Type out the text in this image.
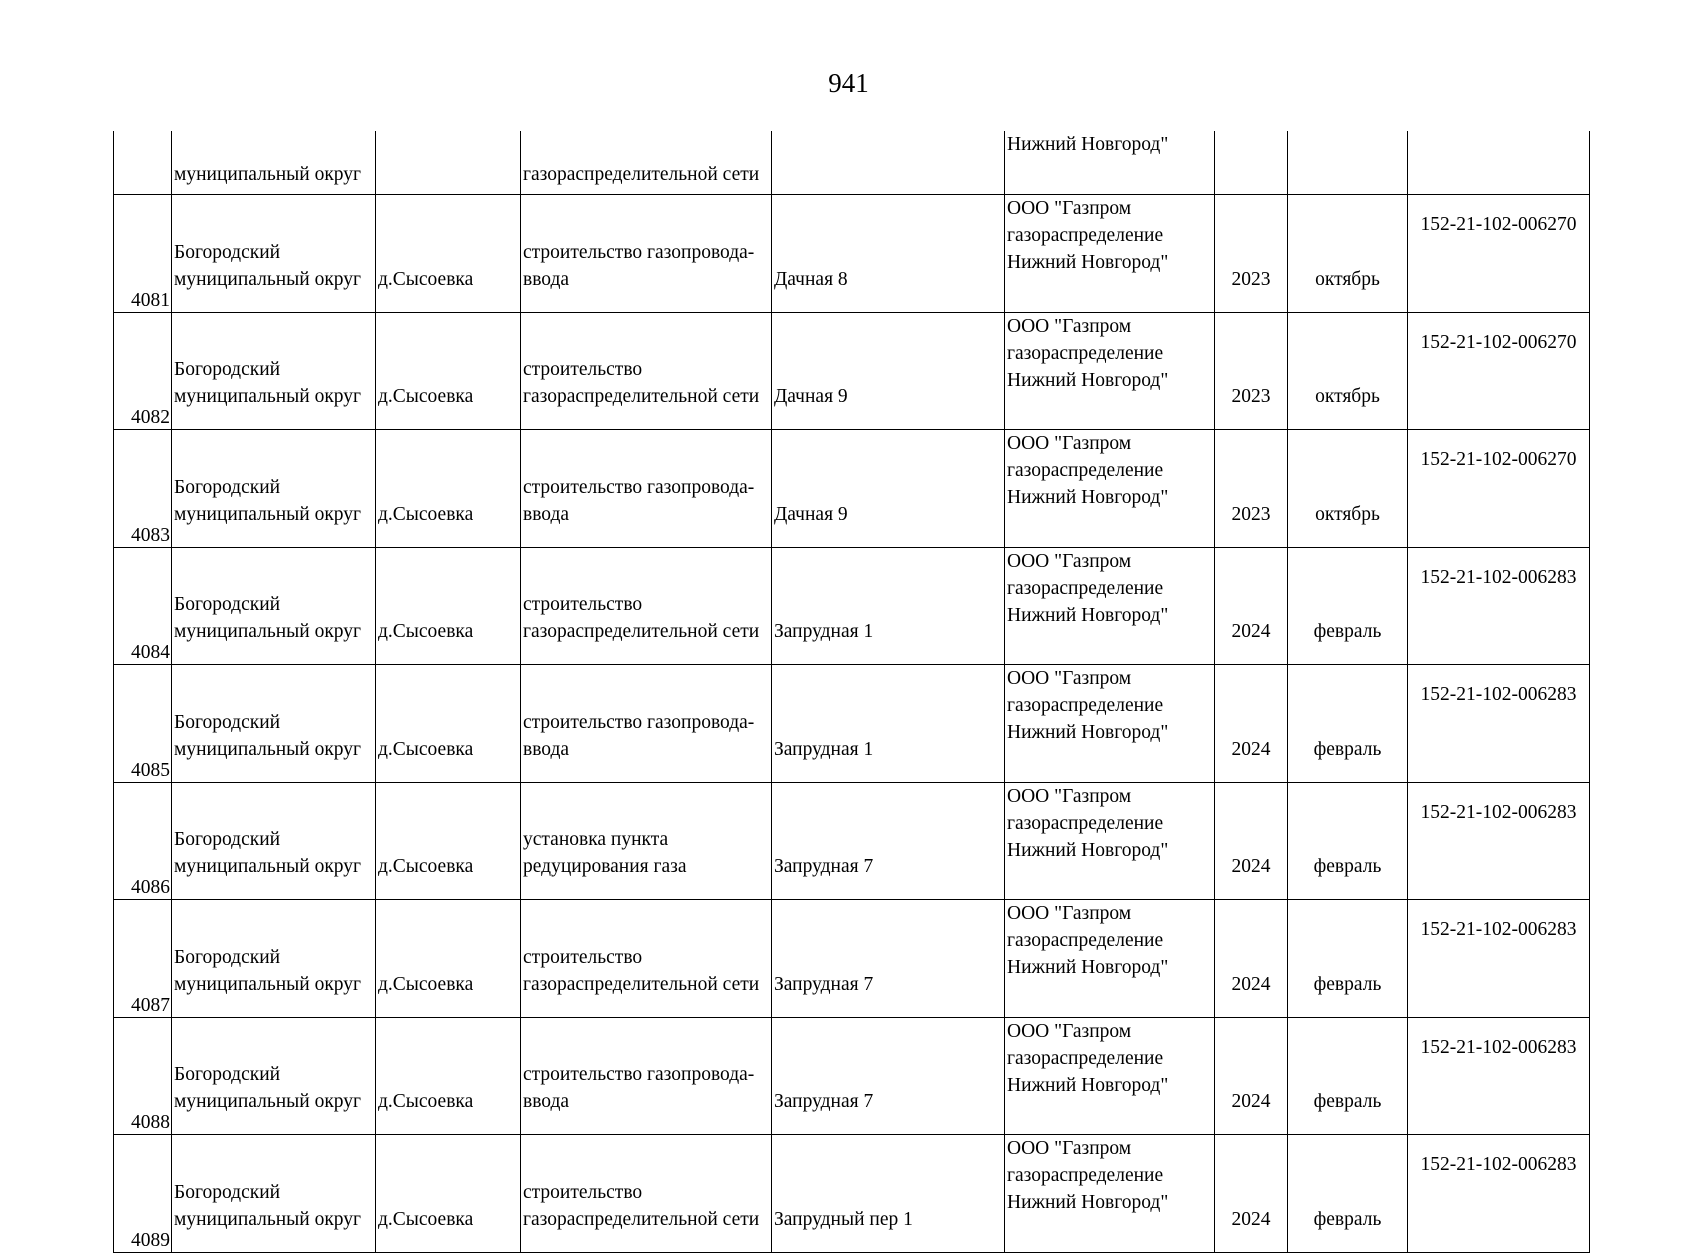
941

	муниципальный округ		газораспределительной сети		Нижний Новгород"			

4081	Богородский
муниципальный округ	д.Сысоевка	строительство газопровода-
ввода	Дачная 8	ООО "Газпром
газораспределение
Нижний Новгород"	2023	октябрь	152-21-102-006270

4082	Богородский
муниципальный округ	д.Сысоевка	строительство
газораспределительной сети	Дачная 9	ООО "Газпром
газораспределение
Нижний Новгород"	2023	октябрь	152-21-102-006270

4083	Богородский
муниципальный округ	д.Сысоевка	строительство газопровода-
ввода	Дачная 9	ООО "Газпром
газораспределение
Нижний Новгород"	2023	октябрь	152-21-102-006270

4084	Богородский
муниципальный округ	д.Сысоевка	строительство
газораспределительной сети	Запрудная 1	ООО "Газпром
газораспределение
Нижний Новгород"	2024	февраль	152-21-102-006283

4085	Богородский
муниципальный округ	д.Сысоевка	строительство газопровода-
ввода	Запрудная 1	ООО "Газпром
газораспределение
Нижний Новгород"	2024	февраль	152-21-102-006283

4086	Богородский
муниципальный округ	д.Сысоевка	установка пункта
редуцирования газа	Запрудная 7	ООО "Газпром
газораспределение
Нижний Новгород"	2024	февраль	152-21-102-006283

4087	Богородский
муниципальный округ	д.Сысоевка	строительство
газораспределительной сети	Запрудная 7	ООО "Газпром
газораспределение
Нижний Новгород"	2024	февраль	152-21-102-006283

4088	Богородский
муниципальный округ	д.Сысоевка	строительство газопровода-
ввода	Запрудная 7	ООО "Газпром
газораспределение
Нижний Новгород"	2024	февраль	152-21-102-006283

4089	Богородский
муниципальный округ	д.Сысоевка	строительство
газораспределительной сети	Запрудный пер 1	ООО "Газпром
газораспределение
Нижний Новгород"	2024	февраль	152-21-102-006283
